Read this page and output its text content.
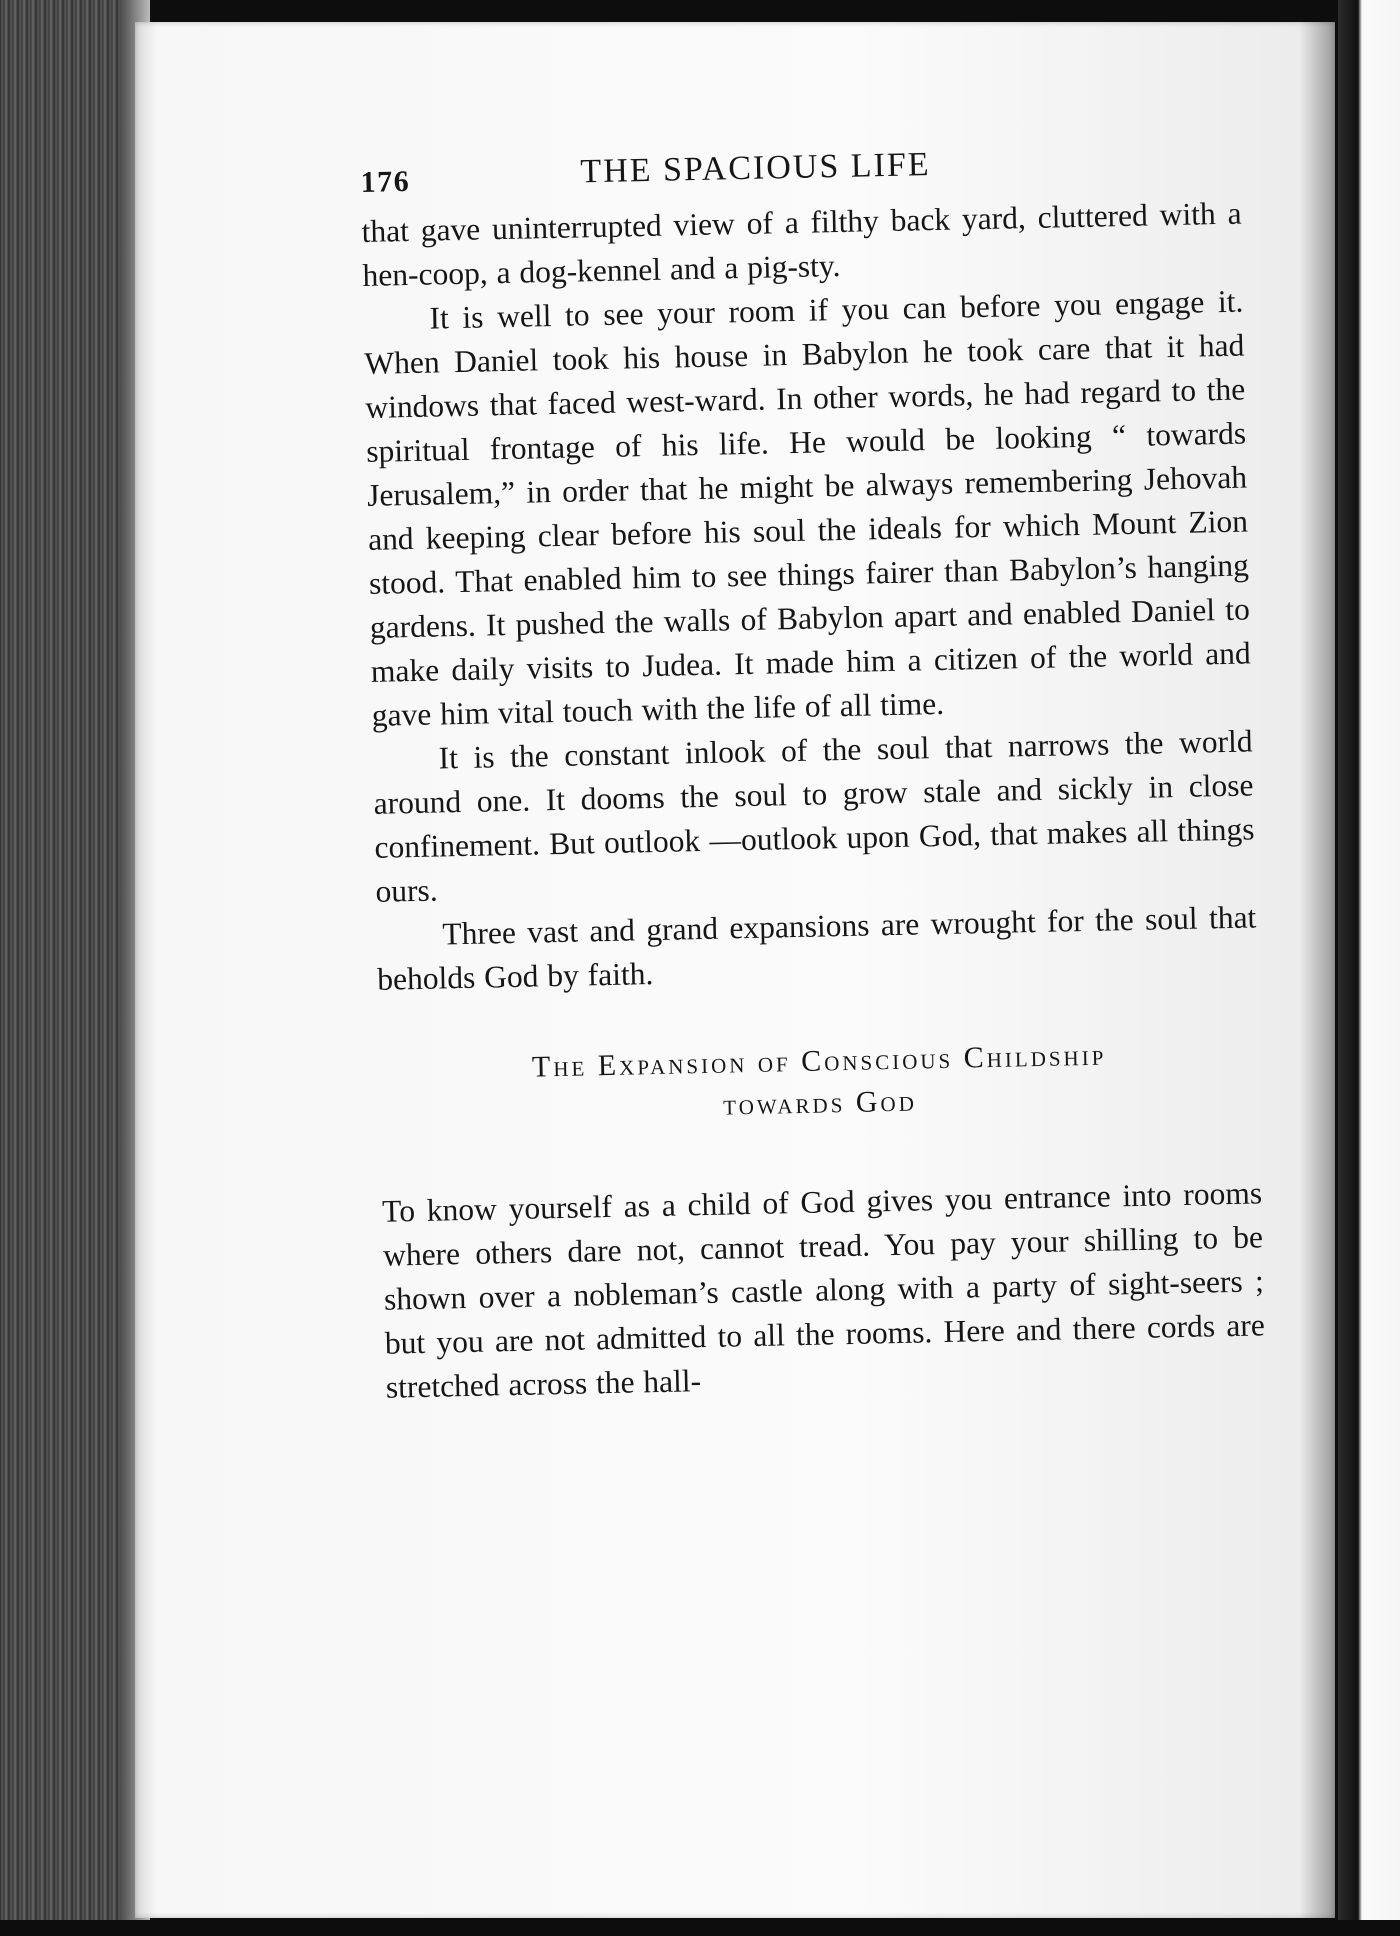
176	THE SPACIOUS LIFE

that gave uninterrupted view of a filthy back yard, cluttered with a hen-coop, a dog-kennel and a pig-sty.

It is well to see your room if you can before you engage it. When Daniel took his house in Babylon he took care that it had windows that faced west-ward. In other words, he had regard to the spiritual frontage of his life. He would be looking “ towards Jerusalem,” in order that he might be always remembering Jehovah and keeping clear before his soul the ideals for which Mount Zion stood. That enabled him to see things fairer than Babylon’s hanging gardens. It pushed the walls of Babylon apart and enabled Daniel to make daily visits to Judea. It made him a citizen of the world and gave him vital touch with the life of all time.

It is the constant inlook of the soul that narrows the world around one. It dooms the soul to grow stale and sickly in close confinement. But outlook —outlook upon God, that makes all things ours.

Three vast and grand expansions are wrought for the soul that beholds God by faith.

The Expansion of Conscious Childship
towards God

To know yourself as a child of God gives you entrance into rooms where others dare not, cannot tread. You pay your shilling to be shown over a nobleman’s castle along with a party of sight-seers ; but you are not admitted to all the rooms. Here and there cords are stretched across the hall-
